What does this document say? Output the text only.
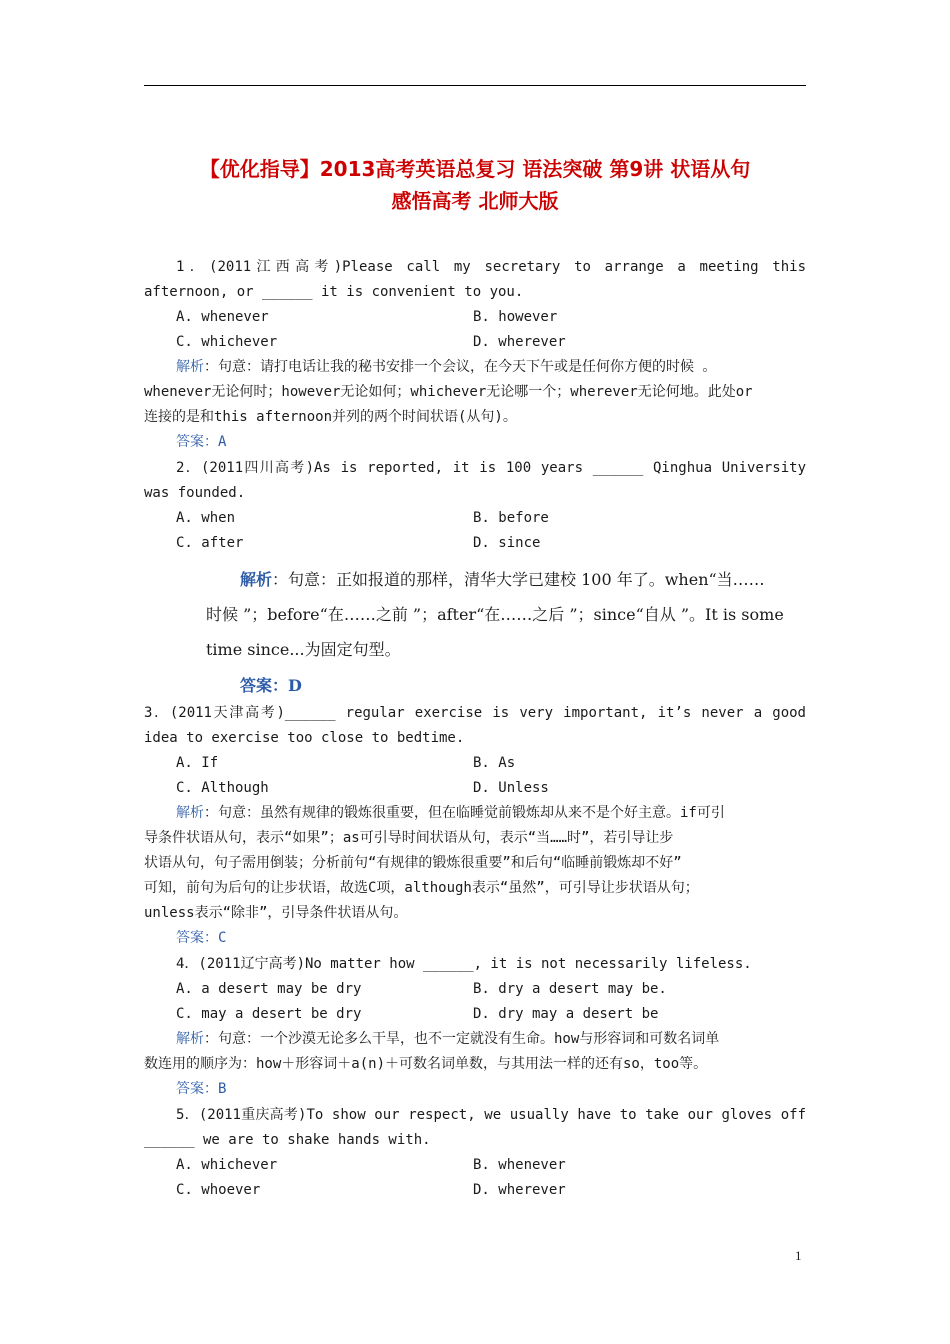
【优化指导】2013高考英语总复习 语法突破 第9讲 状语从句
感悟高考 北师大版
1．(2011江西高考)Please call my secretary to arrange a meeting this
afternoon, or ______ it is convenient to you.
A. whenever	B. however
C. whichever	D. wherever
解析：句意：请打电话让我的秘书安排一个会议，在今天下午或是任何你方便的时候 。
whenever无论何时；however无论如何；whichever无论哪一个；wherever无论何地。此处or
连接的是和this afternoon并列的两个时间状语(从句)。
答案：A
2．(2011四川高考)As is reported, it is 100 years ______ Qinghua University
was founded.
A. when	B. before
C. after	D. since
解析：句意：正如报道的那样，清华大学已建校 100 年了。when“当……
时候 ”；before“在……之前 ”；after“在……之后 ”；since“自从 ”。It is some
time since...为固定句型。
答案：D
3．(2011天津高考)______ regular exercise is very important, it’s never a good
idea to exercise too close to bedtime.
A. If	B. As
C. Although	D. Unless
解析：句意：虽然有规律的锻炼很重要，但在临睡觉前锻炼却从来不是个好主意。if可引
导条件状语从句，表示“如果”；as可引导时间状语从句，表示“当……时”，若引导让步
状语从句，句子需用倒装；分析前句“有规律的锻炼很重要”和后句“临睡前锻炼却不好”
可知，前句为后句的让步状语，故选C项，although表示“虽然”，可引导让步状语从句；
unless表示“除非”，引导条件状语从句。
答案：C
4．(2011辽宁高考)No matter how ______, it is not necessarily lifeless.
A. a desert may be dry	B. dry a desert may be.
C. may a desert be dry	D. dry may a desert be
解析：句意：一个沙漠无论多么干旱，也不一定就没有生命。how与形容词和可数名词单
数连用的顺序为：how＋形容词＋a(n)＋可数名词单数，与其用法一样的还有so，too等。
答案：B
5．(2011重庆高考)To show our respect, we usually have to take our gloves off
______ we are to shake hands with.
A. whichever	B. whenever
C. whoever	D. wherever
1
